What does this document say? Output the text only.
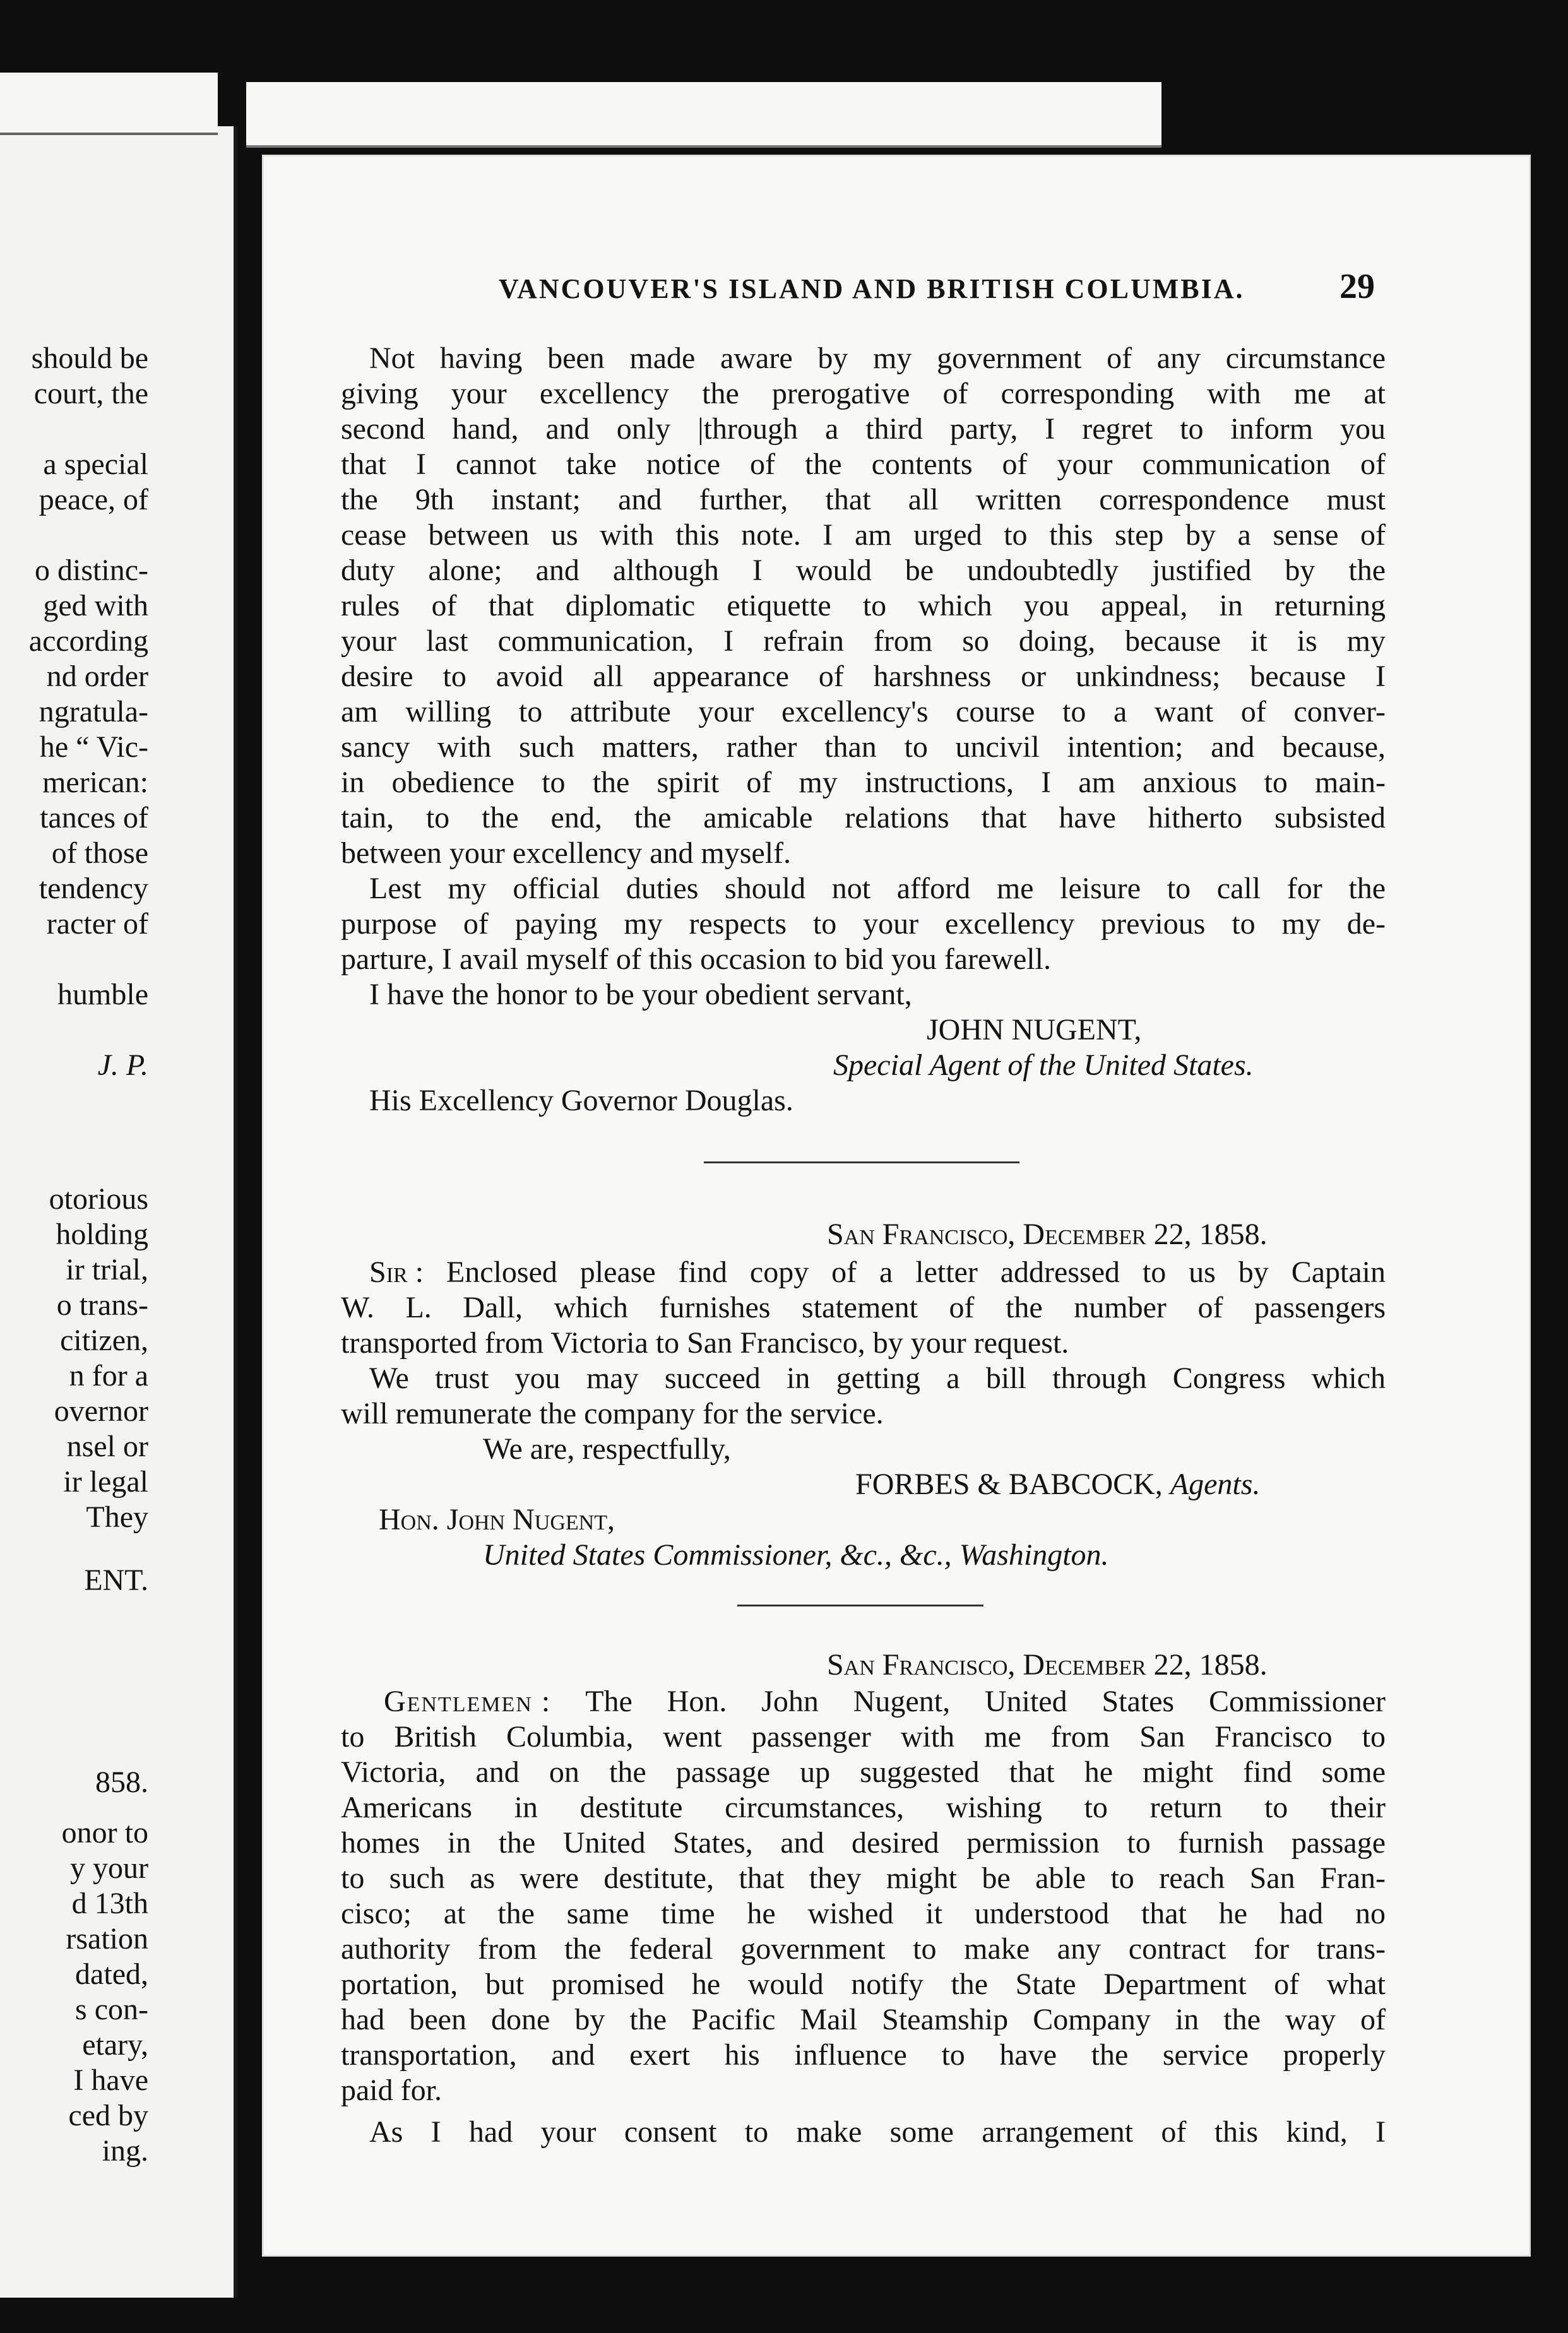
should be
court, the
a special
peace, of
o distinc-
ged with
according
nd order
ngratula-
he “ Vic-
merican:
tances of
of those
tendency
racter of
humble
J. P.
otorious
holding
ir trial,
o trans-
citizen,
n for a
overnor
nsel or
ir legal
They
ENT.
858.
onor to
y your
d 13th
rsation
dated,
s con-
etary,
I have
ced by
ing.
VANCOUVER'S ISLAND AND BRITISH COLUMBIA.	29
Not having been made aware by my government of any circumstance
giving your excellency the prerogative of corresponding with me at
second hand, and only |through a third party, I regret to inform you
that I cannot take notice of the contents of your communication of
the 9th instant; and further, that all written correspondence must
cease between us with this note. I am urged to this step by a sense of
duty alone; and although I would be undoubtedly justified by the
rules of that diplomatic etiquette to which you appeal, in returning
your last communication, I refrain from so doing, because it is my
desire to avoid all appearance of harshness or unkindness; because I
am willing to attribute your excellency's course to a want of conver-
sancy with such matters, rather than to uncivil intention; and because,
in obedience to the spirit of my instructions, I am anxious to main-
tain, to the end, the amicable relations that have hitherto subsisted
between your excellency and myself.
Lest my official duties should not afford me leisure to call for the
purpose of paying my respects to your excellency previous to my de-
parture, I avail myself of this occasion to bid you farewell.
I have the honor to be your obedient servant,
JOHN NUGENT,
Special Agent of the United States.
His Excellency Governor Douglas.
San Francisco, December 22, 1858.
Sir : Enclosed please find copy of a letter addressed to us by Captain
W. L. Dall, which furnishes statement of the number of passengers
transported from Victoria to San Francisco, by your request.
We trust you may succeed in getting a bill through Congress which
will remunerate the company for the service.
We are, respectfully,
FORBES & BABCOCK, Agents.
Hon. John Nugent,
United States Commissioner, &c., &c., Washington.
San Francisco, December 22, 1858.
Gentlemen : The Hon. John Nugent, United States Commissioner
to British Columbia, went passenger with me from San Francisco to
Victoria, and on the passage up suggested that he might find some
Americans in destitute circumstances, wishing to return to their
homes in the United States, and desired permission to furnish passage
to such as were destitute, that they might be able to reach San Fran-
cisco; at the same time he wished it understood that he had no
authority from the federal government to make any contract for trans-
portation, but promised he would notify the State Department of what
had been done by the Pacific Mail Steamship Company in the way of
transportation, and exert his influence to have the service properly
paid for.
As I had your consent to make some arrangement of this kind, I
